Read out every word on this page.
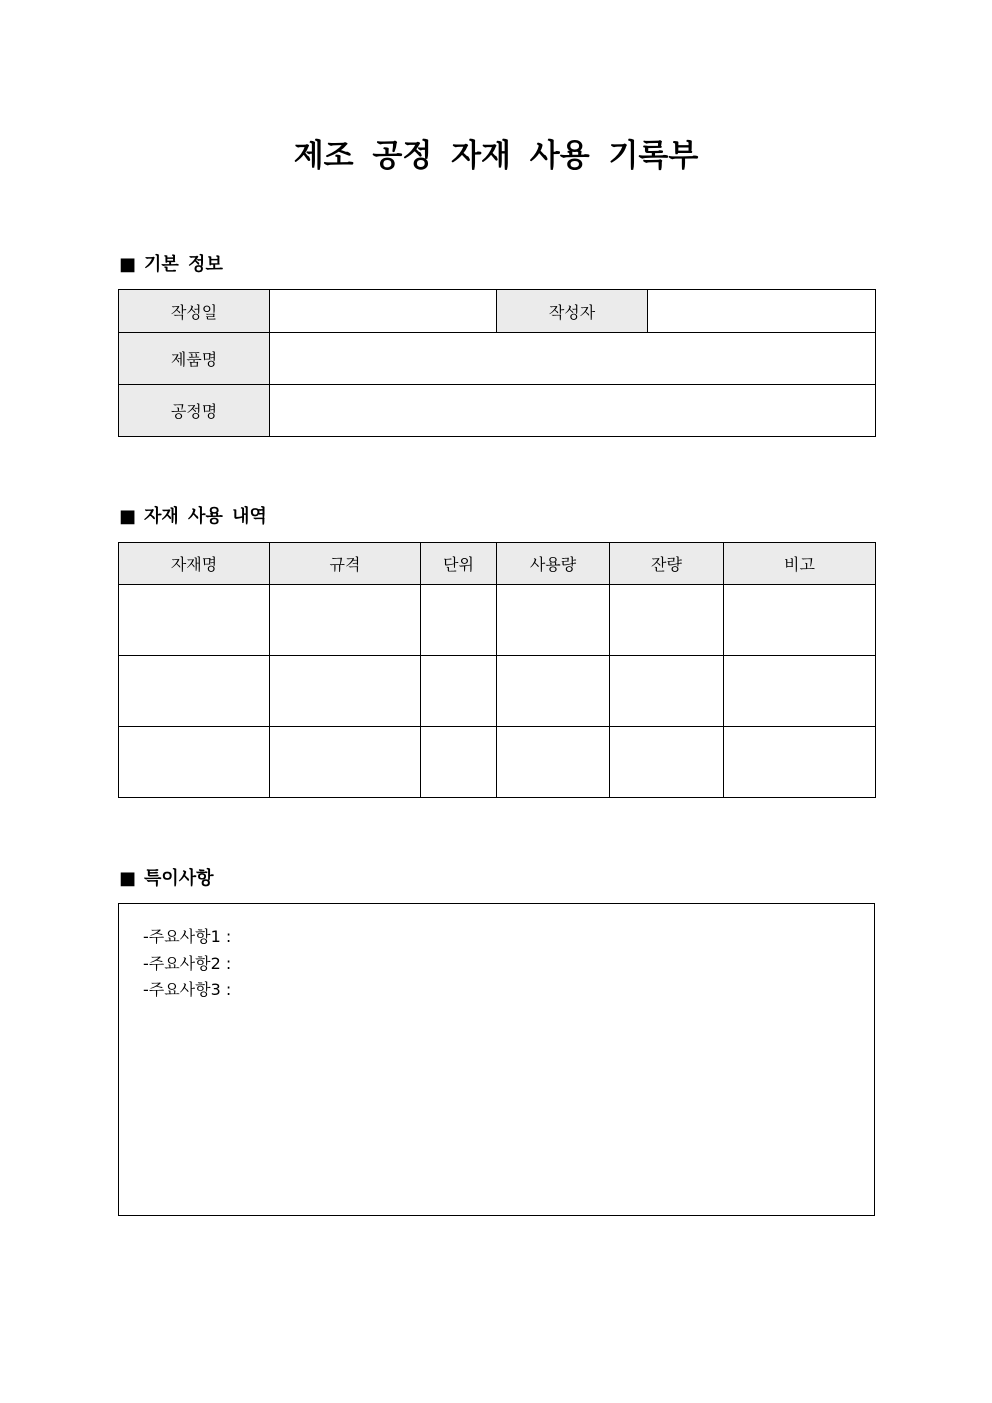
제조 공정 자재 사용 기록부
■ 기본 정보
작성일		작성자	
제품명			
공정명			
■ 자재 사용 내역
자재명	규격	단위	사용량	잔량	비고

■ 특이사항
-주요사항1 :
-주요사항2 :
-주요사항3 :
